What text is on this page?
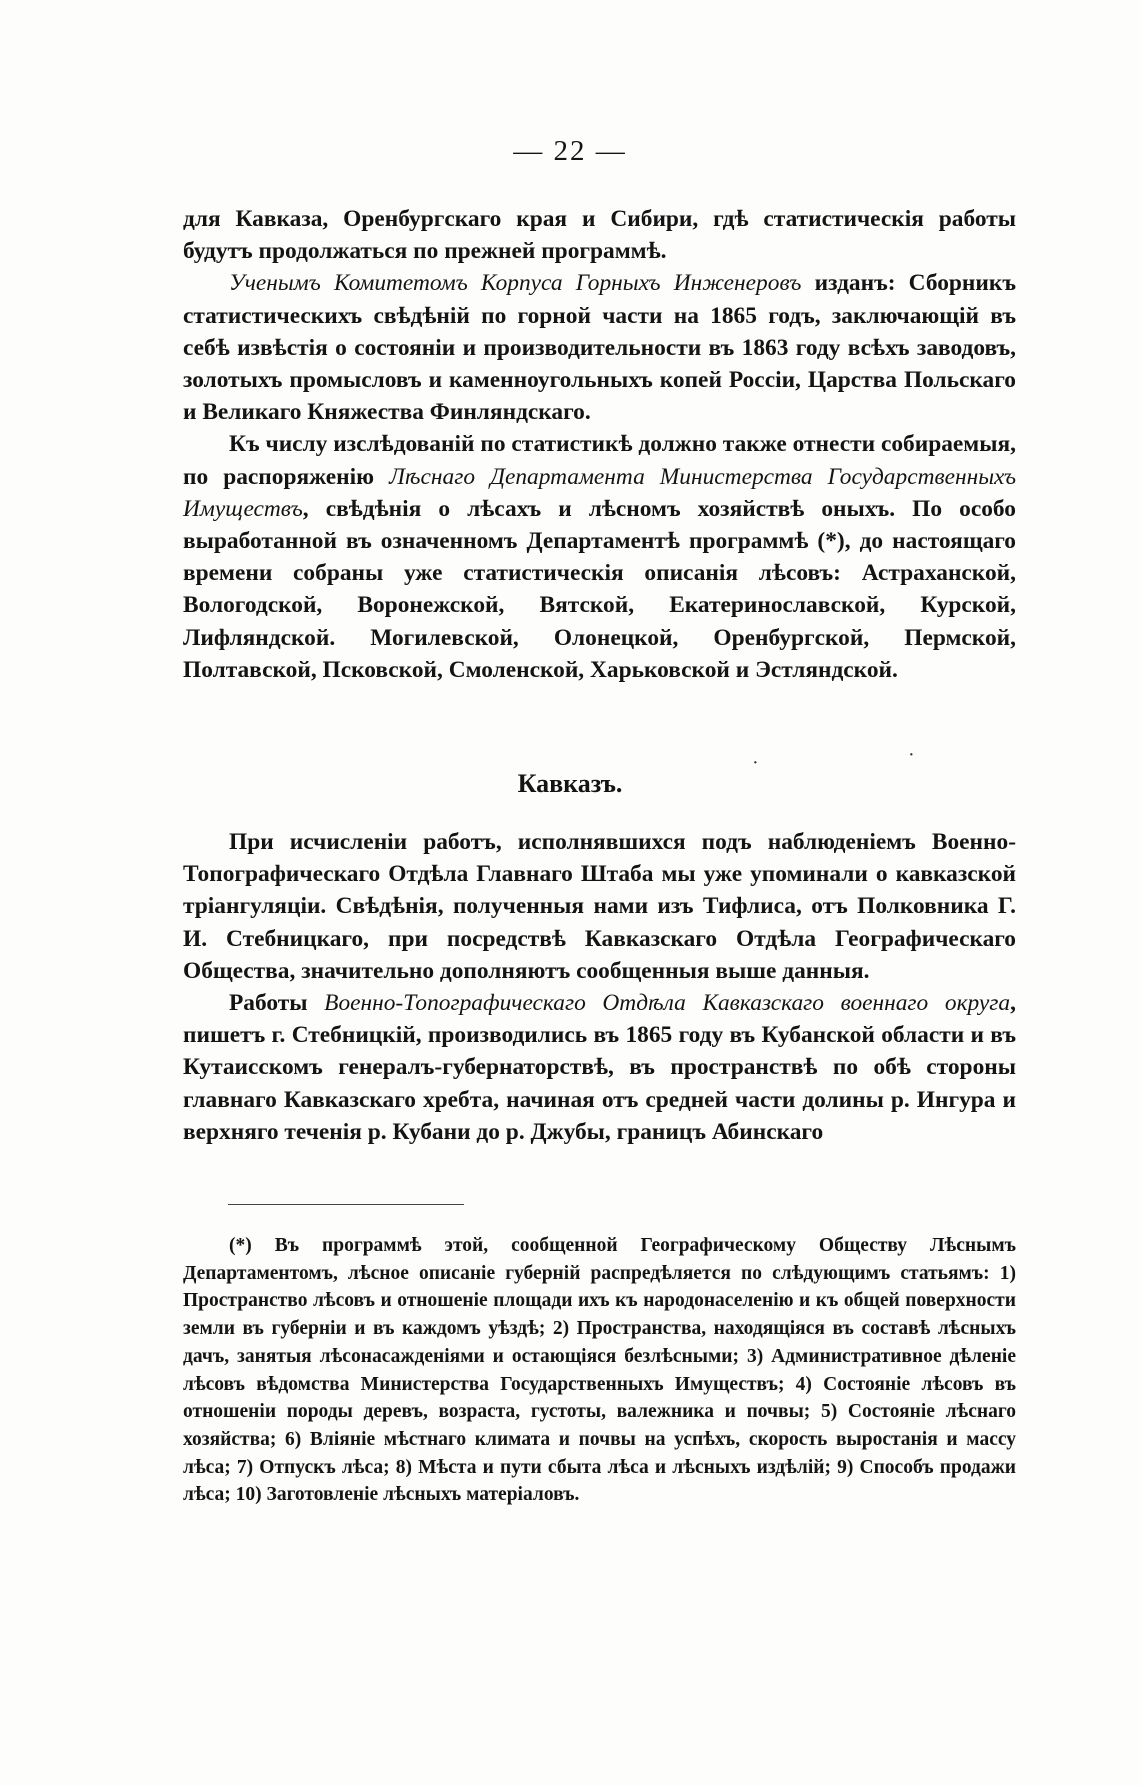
— 22 —

для Кавказа, Оренбургскаго края и Сибири, гдѣ статистическія работы будутъ продолжаться по прежней программѣ.

Ученымъ Комитетомъ Корпуса Горныхъ Инженеровъ изданъ: Сборникъ статистическихъ свѣдѣній по горной части на 1865 годъ, заключающій въ себѣ извѣстія о состояніи и производительности въ 1863 году всѣхъ заводовъ, золотыхъ промысловъ и каменноугольныхъ копей Россіи, Царства Польскаго и Великаго Княжества Финляндскаго.

Къ числу изслѣдованій по статистикѣ должно также отнести собираемыя, по распоряженію Лѣснаго Департамента Министерства Государственныхъ Имуществъ, свѣдѣнія о лѣсахъ и лѣсномъ хозяйствѣ оныхъ. По особо выработанной въ означенномъ Департаментѣ программѣ (*), до настоящаго времени собраны уже статистическія описанія лѣсовъ: Астраханской, Вологодской, Воронежской, Вятской, Екатеринославской, Курской, Лифляндской. Могилевской, Олонецкой, Оренбургской, Пермской, Полтавской, Псковской, Смоленской, Харьковской и Эстляндской.

·	·
Кавказъ.

При исчисленіи работъ, исполнявшихся подъ наблюденіемъ Военно-Топографическаго Отдѣла Главнаго Штаба мы уже упоминали о кавказской тріангуляціи. Свѣдѣнія, полученныя нами изъ Тифлиса, отъ Полковника Г. И. Стебницкаго, при посредствѣ Кавказскаго Отдѣла Географическаго Общества, значительно дополняютъ сообщенныя выше данныя.

Работы Военно-Топографическаго Отдѣла Кавказскаго военнаго округа, пишетъ г. Стебницкій, производились въ 1865 году въ Кубанской области и въ Кутаисскомъ генералъ-губернаторствѣ, въ пространствѣ по обѣ стороны главнаго Кавказскаго хребта, начиная отъ средней части долины р. Ингура и верхняго теченія р. Кубани до р. Джубы, границъ Абинскаго

(*) Въ программѣ этой, сообщенной Географическому Обществу Лѣснымъ Департаментомъ, лѣсное описаніе губерній распредѣляется по слѣдующимъ статьямъ: 1) Пространство лѣсовъ и отношеніе площади ихъ къ народонаселенію и къ общей поверхности земли въ губерніи и въ каждомъ уѣздѣ; 2) Пространства, находящіяся въ составѣ лѣсныхъ дачъ, занятыя лѣсонасажденіями и остающіяся безлѣсными; 3) Административное дѣленіе лѣсовъ вѣдомства Министерства Государственныхъ Имуществъ; 4) Состояніе лѣсовъ въ отношеніи породы деревъ, возраста, густоты, валежника и почвы; 5) Состояніе лѣснаго хозяйства; 6) Вліяніе мѣстнаго климата и почвы на успѣхъ, скорость выростанія и массу лѣса; 7) Отпускъ лѣса; 8) Мѣста и пути сбыта лѣса и лѣсныхъ издѣлій; 9) Способъ продажи лѣса; 10) Заготовленіе лѣсныхъ матеріаловъ.
